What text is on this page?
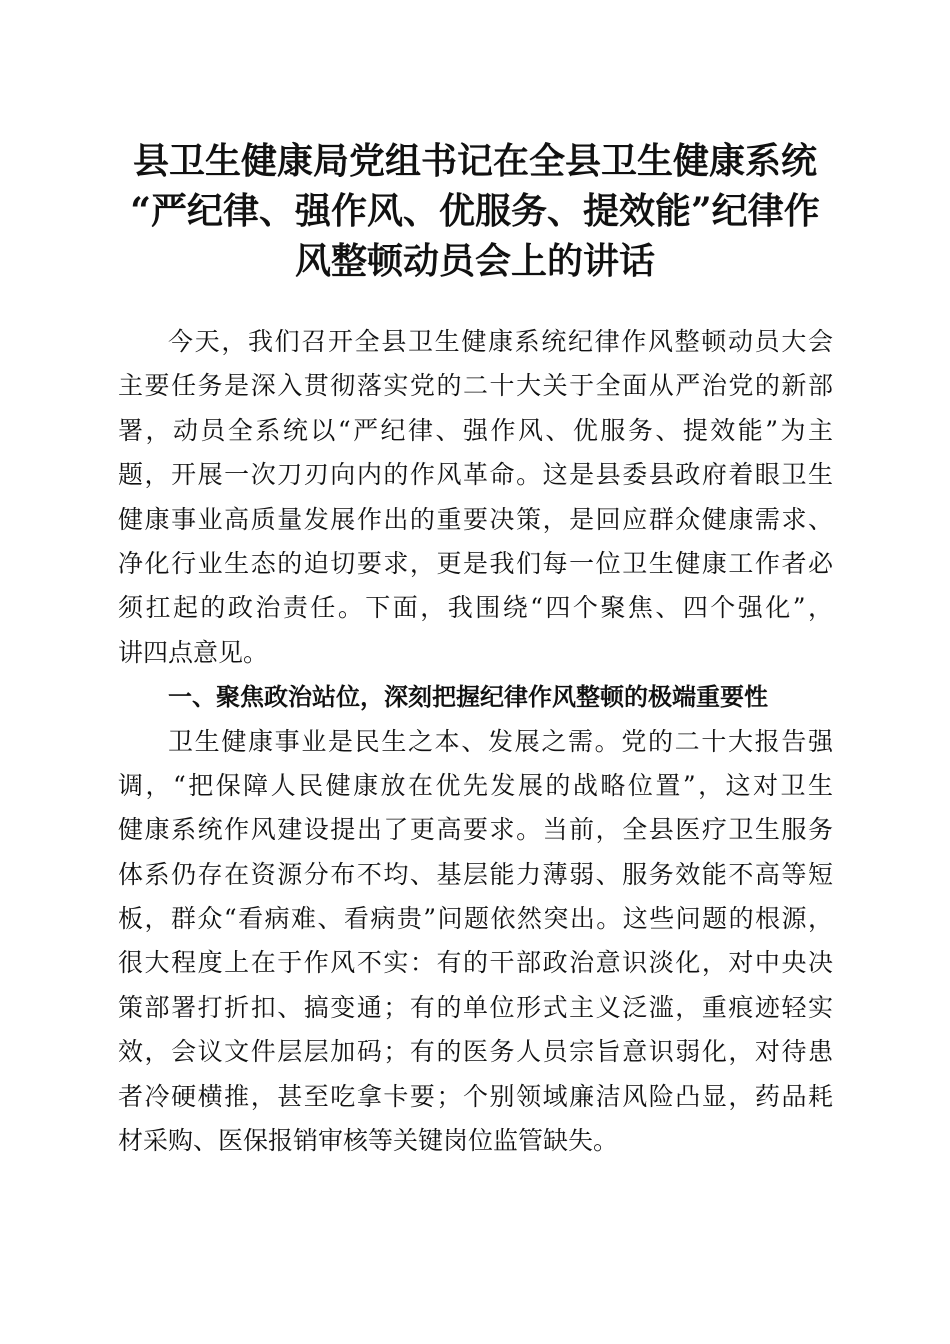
县卫生健康局党组书记在全县卫生健康系统
“严纪律、强作风、优服务、提效能”纪律作
风整顿动员会上的讲话
今天，我们召开全县卫生健康系统纪律作风整顿动员大会
主要任务是深入贯彻落实党的二十大关于全面从严治党的新部
署，动员全系统以“严纪律、强作风、优服务、提效能”为主
题，开展一次刀刃向内的作风革命。这是县委县政府着眼卫生
健康事业高质量发展作出的重要决策，是回应群众健康需求、
净化行业生态的迫切要求，更是我们每一位卫生健康工作者必
须扛起的政治责任。下面，我围绕“四个聚焦、四个强化”，
讲四点意见。
一、聚焦政治站位，深刻把握纪律作风整顿的极端重要性
卫生健康事业是民生之本、发展之需。党的二十大报告强
调，“把保障人民健康放在优先发展的战略位置”，这对卫生
健康系统作风建设提出了更高要求。当前，全县医疗卫生服务
体系仍存在资源分布不均、基层能力薄弱、服务效能不高等短
板，群众“看病难、看病贵”问题依然突出。这些问题的根源，
很大程度上在于作风不实：有的干部政治意识淡化，对中央决
策部署打折扣、搞变通；有的单位形式主义泛滥，重痕迹轻实
效，会议文件层层加码；有的医务人员宗旨意识弱化，对待患
者冷硬横推，甚至吃拿卡要；个别领域廉洁风险凸显，药品耗
材采购、医保报销审核等关键岗位监管缺失。
